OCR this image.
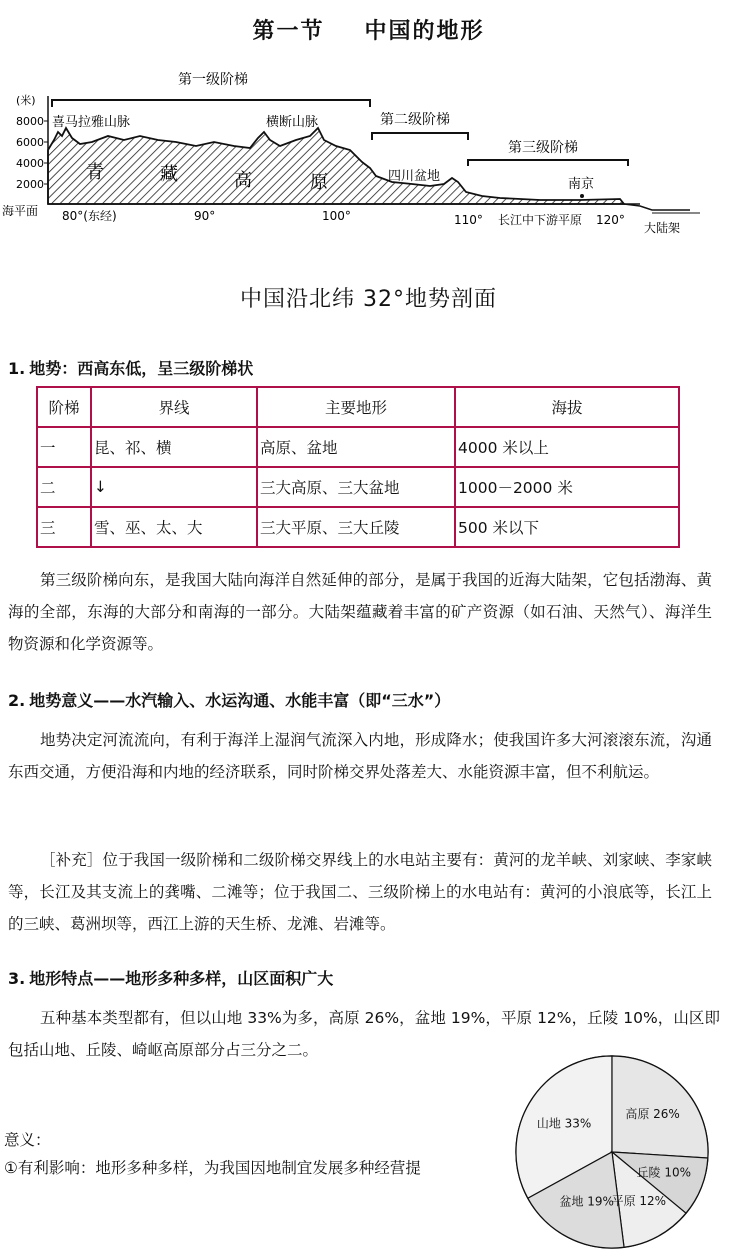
第一节 中国的地形
第一级阶梯
第二级阶梯
第三级阶梯
(米)
8000
6000
4000
2000
喜马拉雅山脉	横断山脉
青	藏	高	原	四川盆地
南京
海平面 80°(东经)	90°	100°	110° 长江中下游平原 120°
大陆架
中国沿北纬 32°地势剖面
1. 地势：西高东低，呈三级阶梯状
阶梯	界线	主要地形	海拔
一	昆、祁、横	高原、盆地	4000 米以上
二	↓	三大高原、三大盆地	1000－2000 米
三	雪、巫、太、大	三大平原、三大丘陵	500 米以下
第三级阶梯向东，是我国大陆向海洋自然延伸的部分，是属于我国的近海大陆架，它包括渤海、黄海的全部，东海的大部分和南海的一部分。大陆架蕴藏着丰富的矿产资源（如石油、天然气）、海洋生物资源和化学资源等。
2. 地势意义——水汽输入、水运沟通、水能丰富（即“三水”）
地势决定河流流向，有利于海洋上湿润气流深入内地，形成降水；使我国许多大河滚滚东流，沟通东西交通，方便沿海和内地的经济联系，同时阶梯交界处落差大、水能资源丰富，但不利航运。
［补充］位于我国一级阶梯和二级阶梯交界线上的水电站主要有：黄河的龙羊峡、刘家峡、李家峡等，长江及其支流上的龚嘴、二滩等；位于我国二、三级阶梯上的水电站有：黄河的小浪底等，长江上的三峡、葛洲坝等，西江上游的天生桥、龙滩、岩滩等。
3. 地形特点——地形多种多样，山区面积广大
五种基本类型都有，但以山地 33%为多，高原 26%，盆地 19%，平原 12%，丘陵 10%，山区即包括山地、丘陵、崎岖高原部分占三分之二。
意义：
①有利影响：地形多种多样，为我国因地制宜发展多种经营提
山地 33%
高原 26%
丘陵 10%
平原 12%
盆地 19%
